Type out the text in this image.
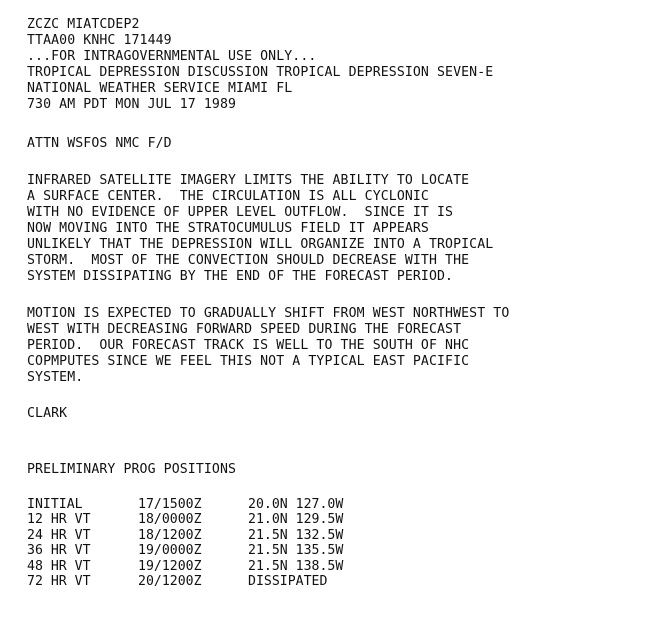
ZCZC MIATCDEP2
TTAA00 KNHC 171449
...FOR INTRAGOVERNMENTAL USE ONLY...
TROPICAL DEPRESSION DISCUSSION TROPICAL DEPRESSION SEVEN-E
NATIONAL WEATHER SERVICE MIAMI FL
730 AM PDT MON JUL 17 1989
ATTN WSFOS NMC F/D
INFRARED SATELLITE IMAGERY LIMITS THE ABILITY TO LOCATE
A SURFACE CENTER.  THE CIRCULATION IS ALL CYCLONIC
WITH NO EVIDENCE OF UPPER LEVEL OUTFLOW.  SINCE IT IS
NOW MOVING INTO THE STRATOCUMULUS FIELD IT APPEARS
UNLIKELY THAT THE DEPRESSION WILL ORGANIZE INTO A TROPICAL
STORM.  MOST OF THE CONVECTION SHOULD DECREASE WITH THE
SYSTEM DISSIPATING BY THE END OF THE FORECAST PERIOD.
MOTION IS EXPECTED TO GRADUALLY SHIFT FROM WEST NORTHWEST TO
WEST WITH DECREASING FORWARD SPEED DURING THE FORECAST
PERIOD.  OUR FORECAST TRACK IS WELL TO THE SOUTH OF NHC
COPMPUTES SINCE WE FEEL THIS NOT A TYPICAL EAST PACIFIC
SYSTEM.
CLARK
PRELIMINARY PROG POSITIONS
INITIAL	17/1500Z	20.0N 127.0W
12 HR VT	18/0000Z	21.0N 129.5W
24 HR VT	18/1200Z	21.5N 132.5W
36 HR VT	19/0000Z	21.5N 135.5W
48 HR VT	19/1200Z	21.5N 138.5W
72 HR VT	20/1200Z	DISSIPATED
